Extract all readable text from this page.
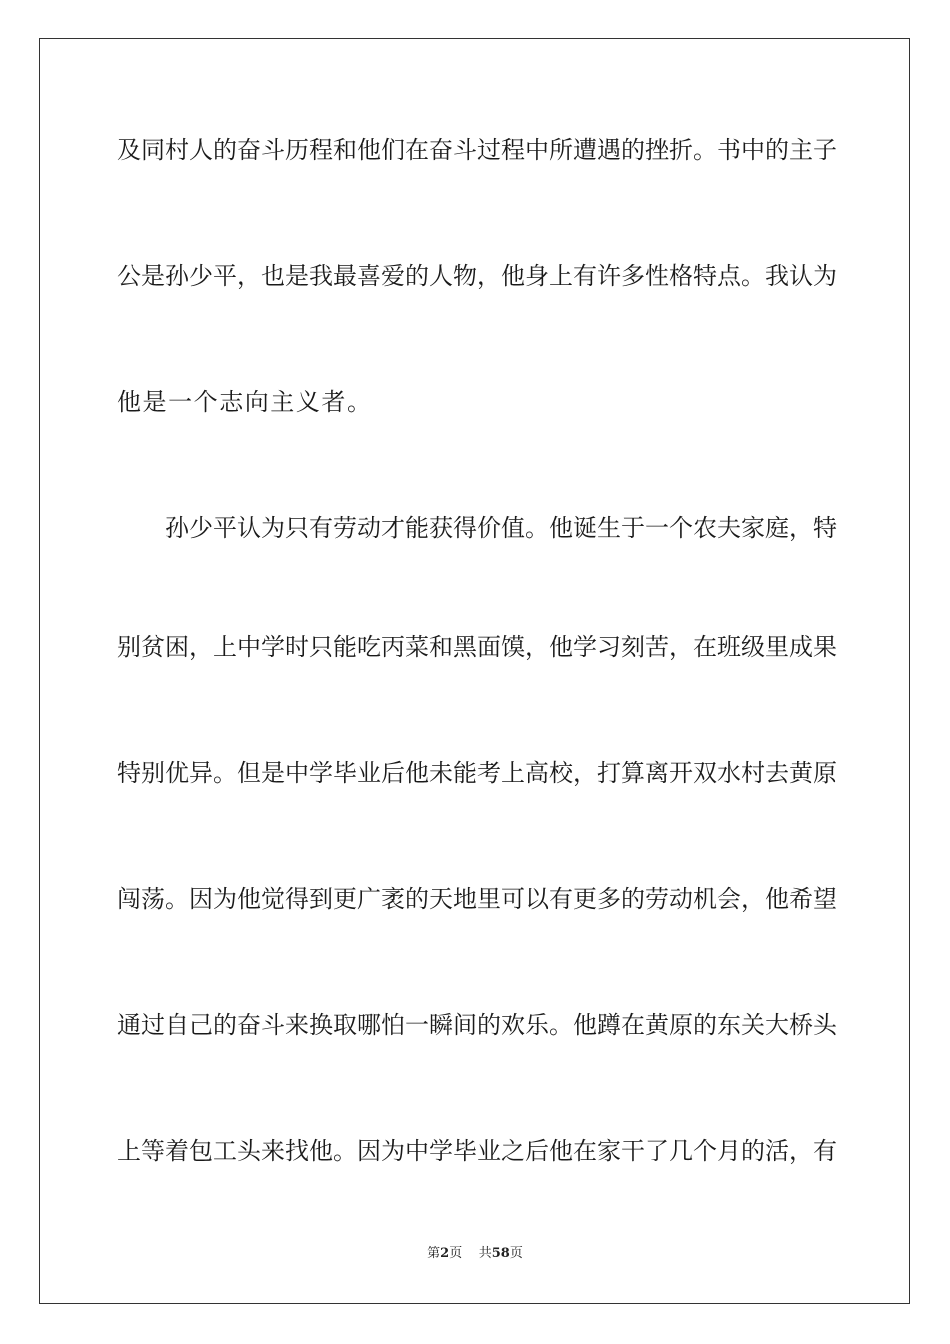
及同村人的奋斗历程和他们在奋斗过程中所遭遇的挫折。书中的主子
公是孙少平，也是我最喜爱的人物，他身上有许多性格特点。我认为
他是一个志向主义者。
孙少平认为只有劳动才能获得价值。他诞生于一个农夫家庭，特
别贫困，上中学时只能吃丙菜和黑面馍，他学习刻苦，在班级里成果
特别优异。但是中学毕业后他未能考上高校，打算离开双水村去黄原
闯荡。因为他觉得到更广袤的天地里可以有更多的劳动机会，他希望
通过自己的奋斗来换取哪怕一瞬间的欢乐。他蹲在黄原的东关大桥头
上等着包工头来找他。因为中学毕业之后他在家干了几个月的活，有
第2页 共58页
